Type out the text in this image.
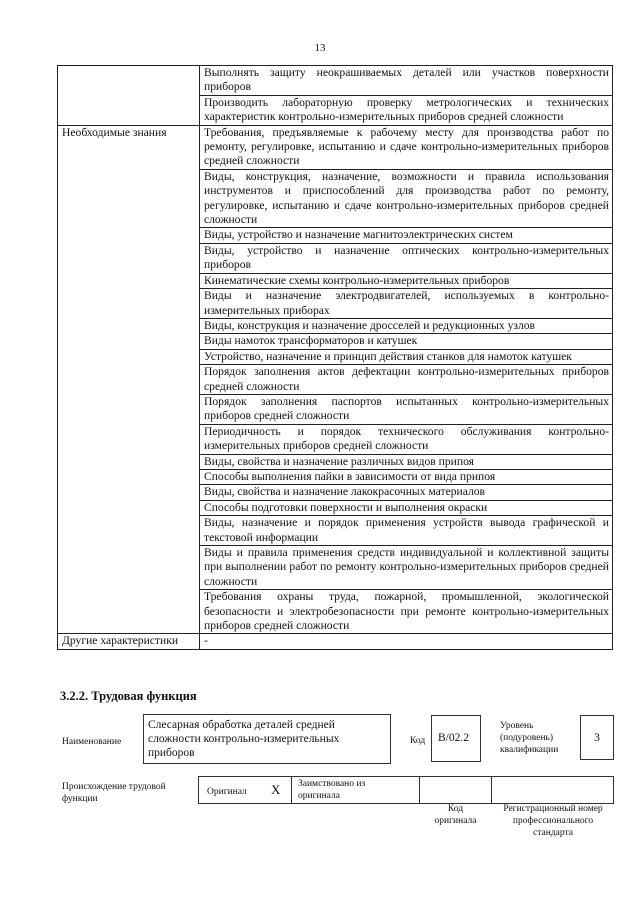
13
	Выполнять защиту неокрашиваемых деталей или участков поверхности приборов
	Производить лабораторную проверку метрологических и технических характеристик контрольно-измерительных приборов средней сложности
Необходимые знания	Требования, предъявляемые к рабочему месту для производства работ по ремонту, регулировке, испытанию и сдаче контрольно-измерительных приборов средней сложности
	Виды, конструкция, назначение, возможности и правила использования инструментов и приспособлений для производства работ по ремонту, регулировке, испытанию и сдаче контрольно-измерительных приборов средней сложности
	Виды, устройство и назначение магнитоэлектрических систем
	Виды, устройство и назначение оптических контрольно-измерительных приборов
	Кинематические схемы контрольно-измерительных приборов
	Виды и назначение электродвигателей, используемых в контрольно-измерительных приборах
	Виды, конструкция и назначение дросселей и редукционных узлов
	Виды намоток трансформаторов и катушек
	Устройство, назначение и принцип действия станков для намоток катушек
	Порядок заполнения актов дефектации контрольно-измерительных приборов средней сложности
	Порядок заполнения паспортов испытанных контрольно-измерительных приборов средней сложности
	Периодичность и порядок технического обслуживания контрольно-измерительных приборов средней сложности
	Виды, свойства и назначение различных видов припоя
	Способы выполнения пайки в зависимости от вида припоя
	Виды, свойства и назначение лакокрасочных материалов
	Способы подготовки поверхности и выполнения окраски
	Виды, назначение и порядок применения устройств вывода графической и текстовой информации
	Виды и правила применения средств индивидуальной и коллективной защиты при выполнении работ по ремонту контрольно-измерительных приборов средней сложности
	Требования охраны труда, пожарной, промышленной, экологической безопасности и электробезопасности при ремонте контрольно-измерительных приборов средней сложности
Другие характеристики	-
3.2.2. Трудовая функция
Наименование
Слесарная обработка деталей средней сложности контрольно-измерительных приборов
Код	B/02.2
Уровень (подуровень) квалификации
3
Происхождение трудовой функции
Оригинал X Заимствовано из оригинала
Код оригинала
Регистрационный номер профессионального стандарта
